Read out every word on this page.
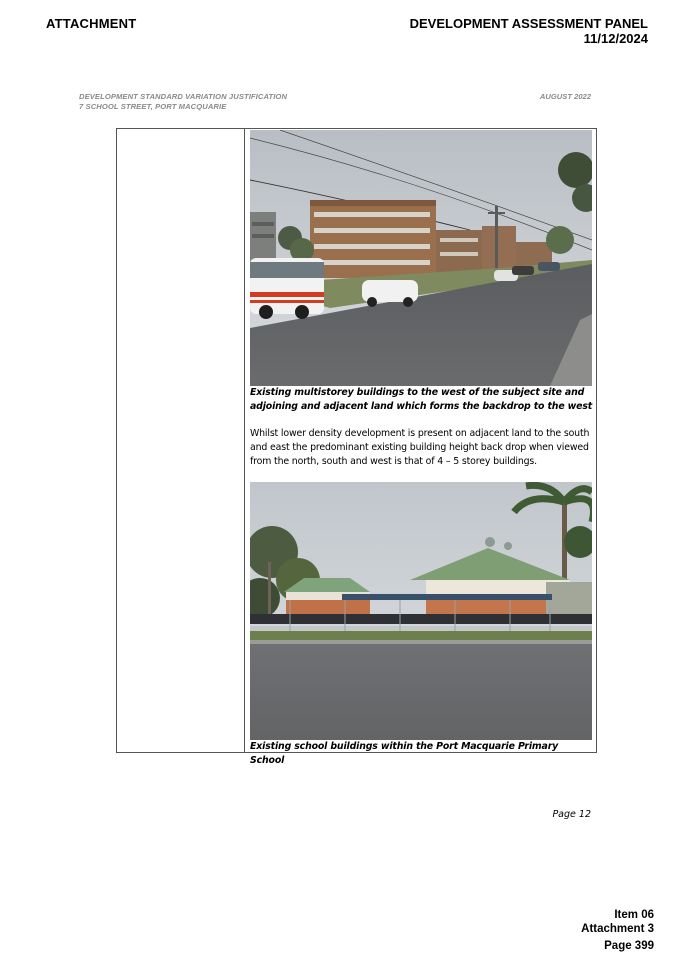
ATTACHMENT	DEVELOPMENT ASSESSMENT PANEL
11/12/2024
DEVELOPMENT STANDARD VARIATION JUSTIFICATION
7 SCHOOL STREET, PORT MACQUARIE
AUGUST 2022
Existing multistorey buildings to the west of the subject site and adjoining and adjacent land which forms the backdrop to the west
Whilst lower density development is present on adjacent land to the south and east the predominant existing building height back drop when viewed from the north, south and west is that of 4 – 5 storey buildings.
Existing school buildings within the Port Macquarie Primary School
Page 12
Item 06
Attachment 3
Page 399
